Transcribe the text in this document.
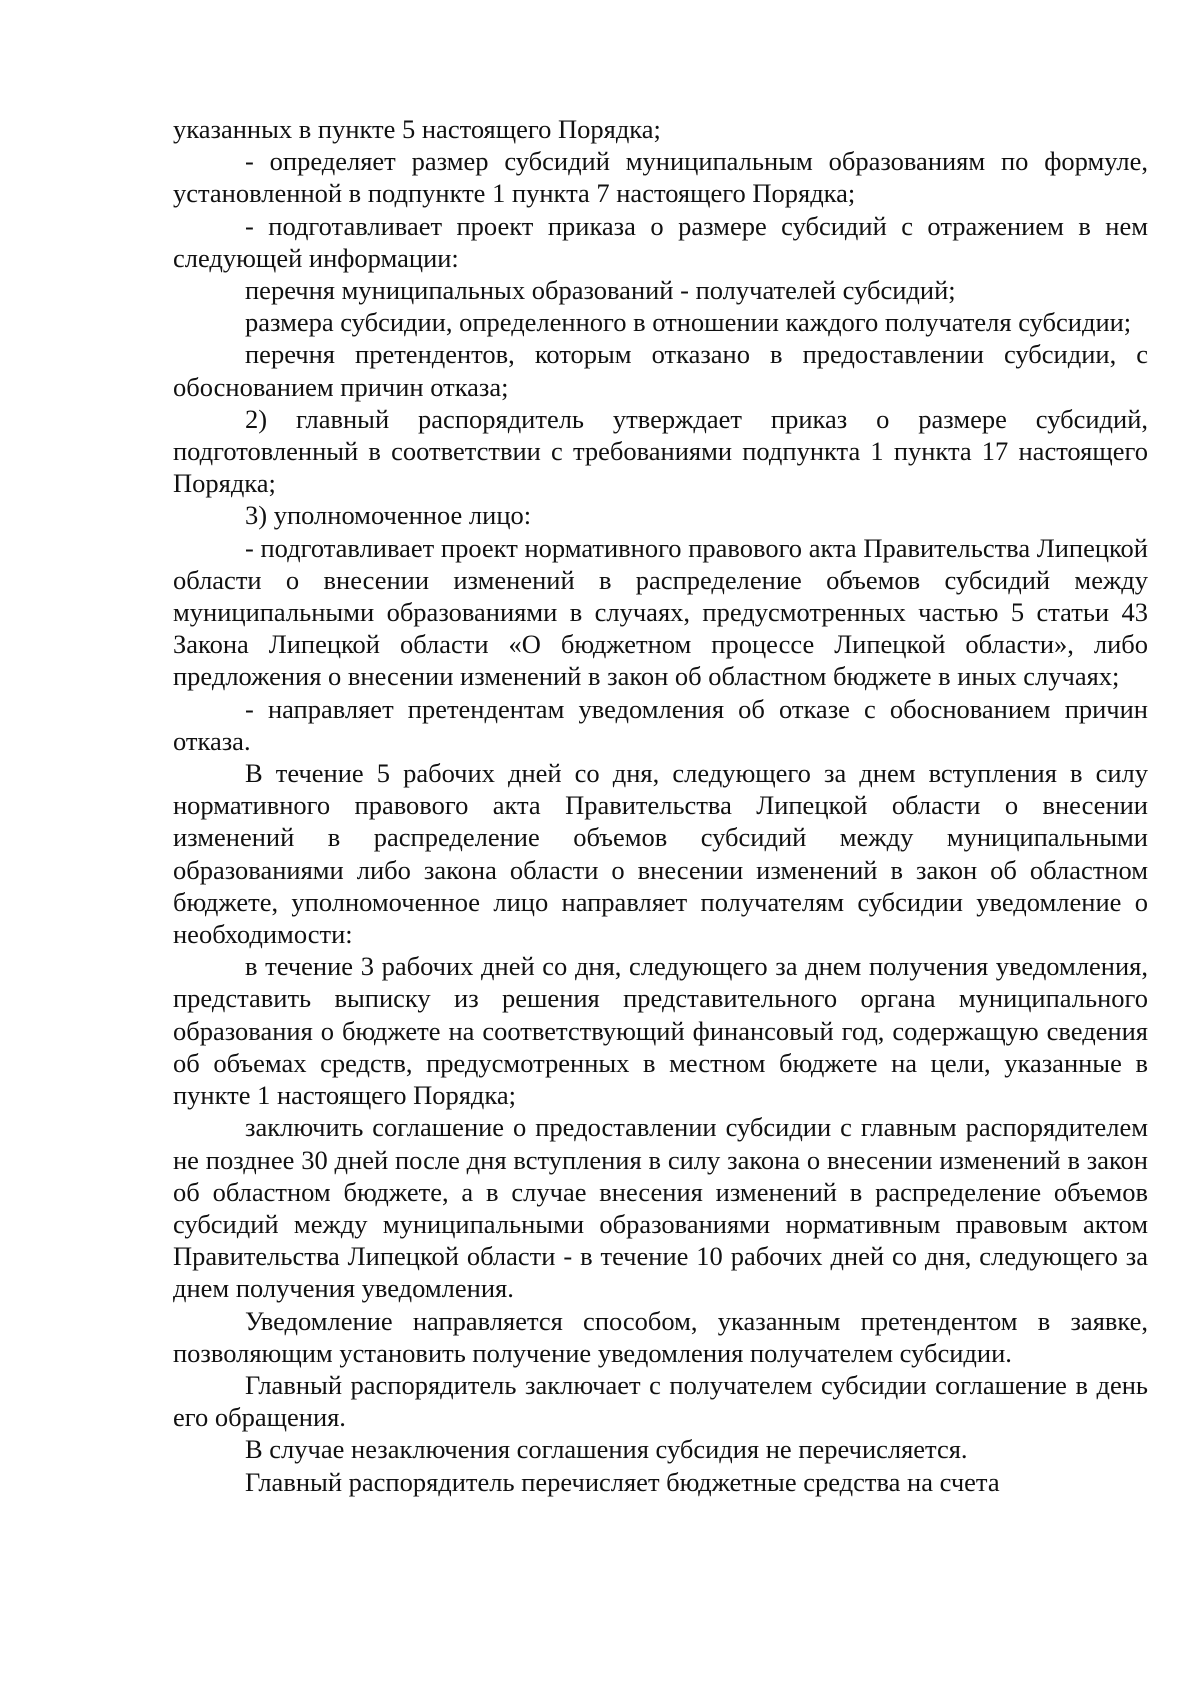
указанных в пункте 5 настоящего Порядка;

- определяет размер субсидий муниципальным образованиям по формуле, установленной в подпункте 1 пункта 7 настоящего Порядка;

- подготавливает проект приказа о размере субсидий с отражением в нем следующей информации:

перечня муниципальных образований - получателей субсидий;

размера субсидии, определенного в отношении каждого получателя субсидии;

перечня претендентов, которым отказано в предоставлении субсидии, с обоснованием причин отказа;

2) главный распорядитель утверждает приказ о размере субсидий, подготовленный в соответствии с требованиями подпункта 1 пункта 17 настоящего Порядка;

3) уполномоченное лицо:

- подготавливает проект нормативного правового акта Правительства Липецкой области о внесении изменений в распределение объемов субсидий между муниципальными образованиями в случаях, предусмотренных частью 5 статьи 43 Закона Липецкой области «О бюджетном процессе Липецкой области», либо предложения о внесении изменений в закон об областном бюджете в иных случаях;

- направляет претендентам уведомления об отказе с обоснованием причин отказа.

В течение 5 рабочих дней со дня, следующего за днем вступления в силу нормативного правового акта Правительства Липецкой области о внесении изменений в распределение объемов субсидий между муниципальными образованиями либо закона области о внесении изменений в закон об областном бюджете, уполномоченное лицо направляет получателям субсидии уведомление о необходимости:

в течение 3 рабочих дней со дня, следующего за днем получения уведомления, представить выписку из решения представительного органа муниципального образования о бюджете на соответствующий финансовый год, содержащую сведения об объемах средств, предусмотренных в местном бюджете на цели, указанные в пункте 1 настоящего Порядка;

заключить соглашение о предоставлении субсидии с главным распорядителем не позднее 30 дней после дня вступления в силу закона о внесении изменений в закон об областном бюджете, а в случае внесения изменений в распределение объемов субсидий между муниципальными образованиями нормативным правовым актом Правительства Липецкой области - в течение 10 рабочих дней со дня, следующего за днем получения уведомления.

Уведомление направляется способом, указанным претендентом в заявке, позволяющим установить получение уведомления получателем субсидии.

Главный распорядитель заключает с получателем субсидии соглашение в день его обращения.

В случае незаключения соглашения субсидия не перечисляется.

Главный распорядитель перечисляет бюджетные средства на счета
